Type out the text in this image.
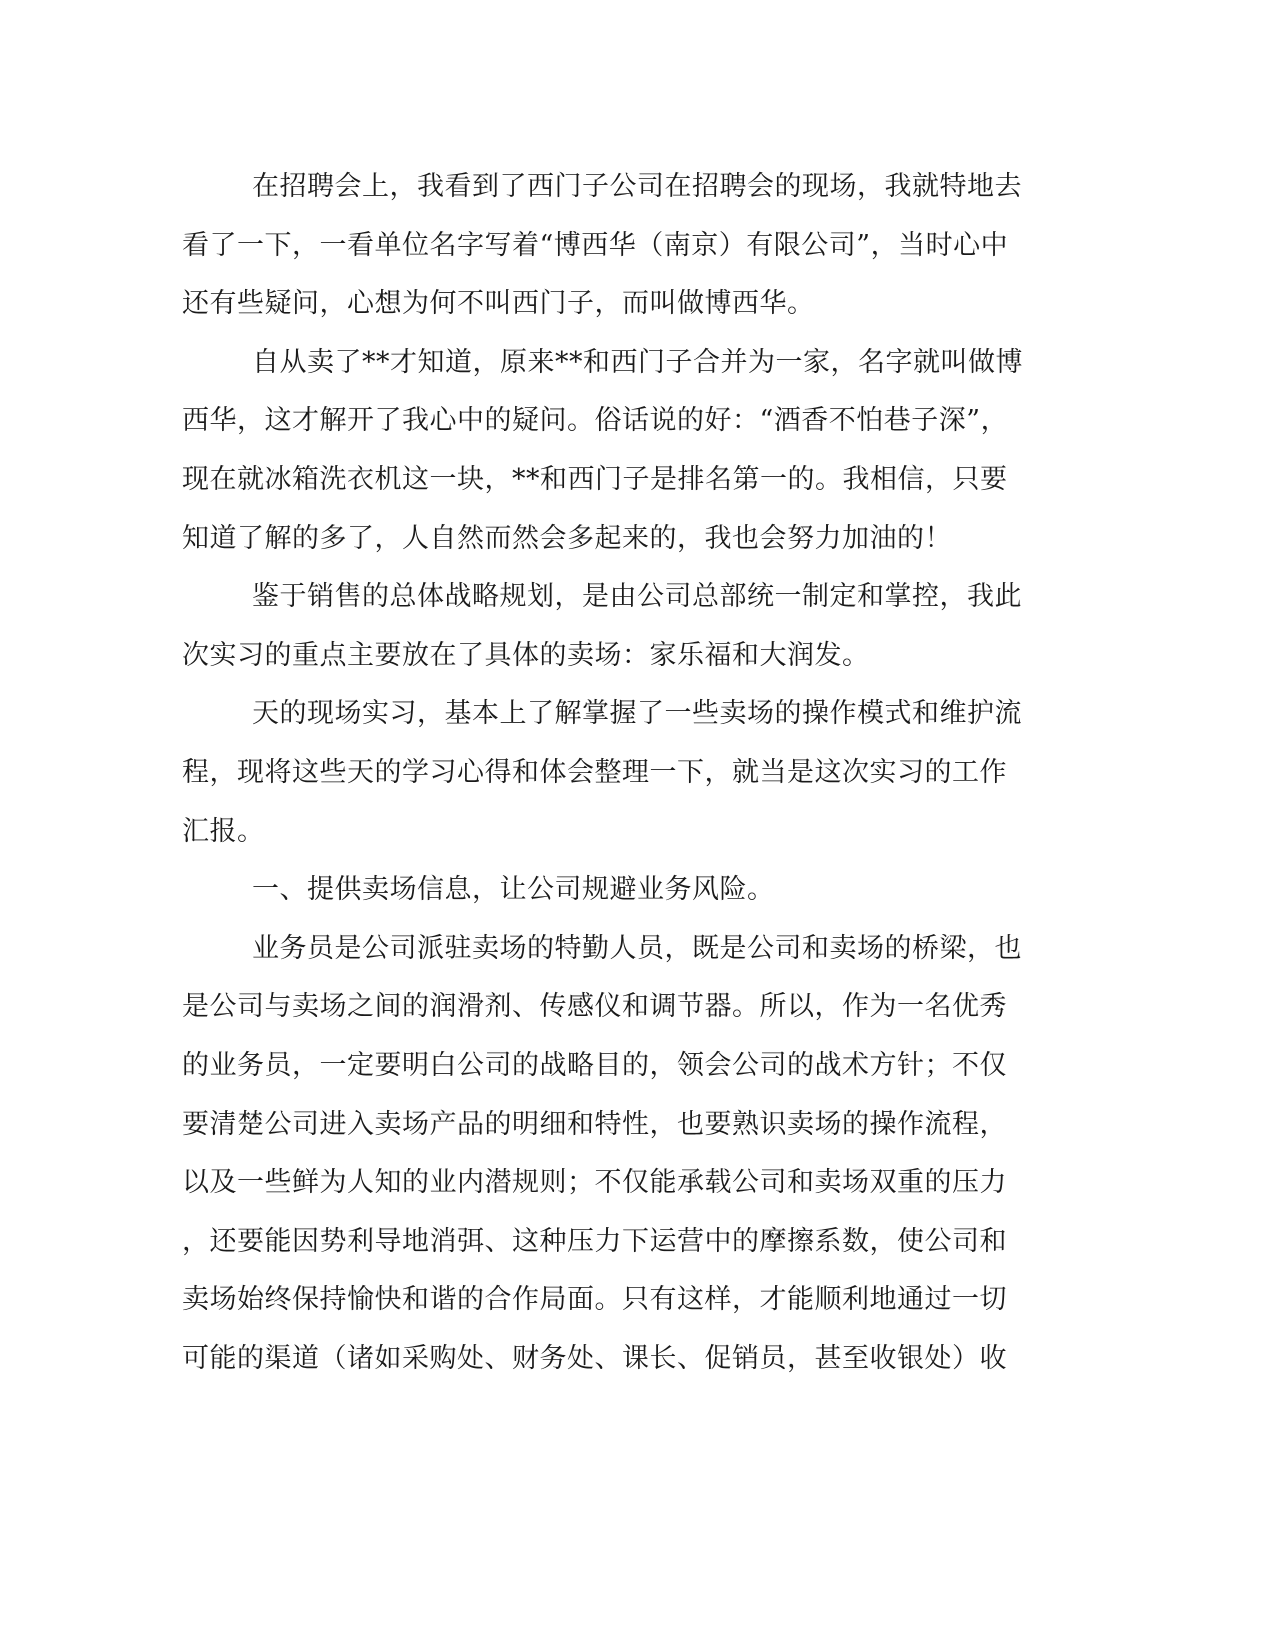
在招聘会上，我看到了西门子公司在招聘会的现场，我就特地去
看了一下，一看单位名字写着“博西华（南京）有限公司”，当时心中
还有些疑问，心想为何不叫西门子，而叫做博西华。
自从卖了**才知道，原来**和西门子合并为一家，名字就叫做博
西华，这才解开了我心中的疑问。俗话说的好：“酒香不怕巷子深”，
现在就冰箱洗衣机这一块，**和西门子是排名第一的。我相信，只要
知道了解的多了，人自然而然会多起来的，我也会努力加油的！
鉴于销售的总体战略规划，是由公司总部统一制定和掌控，我此
次实习的重点主要放在了具体的卖场：家乐福和大润发。
天的现场实习，基本上了解掌握了一些卖场的操作模式和维护流
程，现将这些天的学习心得和体会整理一下，就当是这次实习的工作
汇报。
一、提供卖场信息，让公司规避业务风险。
业务员是公司派驻卖场的特勤人员，既是公司和卖场的桥梁，也
是公司与卖场之间的润滑剂、传感仪和调节器。所以，作为一名优秀
的业务员，一定要明白公司的战略目的，领会公司的战术方针；不仅
要清楚公司进入卖场产品的明细和特性，也要熟识卖场的操作流程，
以及一些鲜为人知的业内潜规则；不仅能承载公司和卖场双重的压力
，还要能因势利导地消弭、这种压力下运营中的摩擦系数，使公司和
卖场始终保持愉快和谐的合作局面。只有这样，才能顺利地通过一切
可能的渠道（诸如采购处、财务处、课长、促销员，甚至收银处）收
